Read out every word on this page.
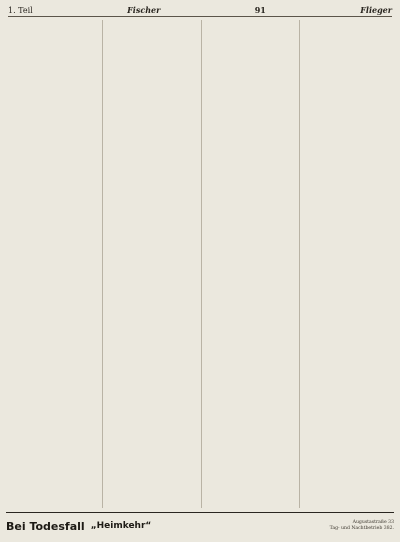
1. Teil	Fischer	91	Flieger
Bei Todesfall „Heimkehr“	Augustastraße 33
Tag- und Nachtbetrieb 382.
